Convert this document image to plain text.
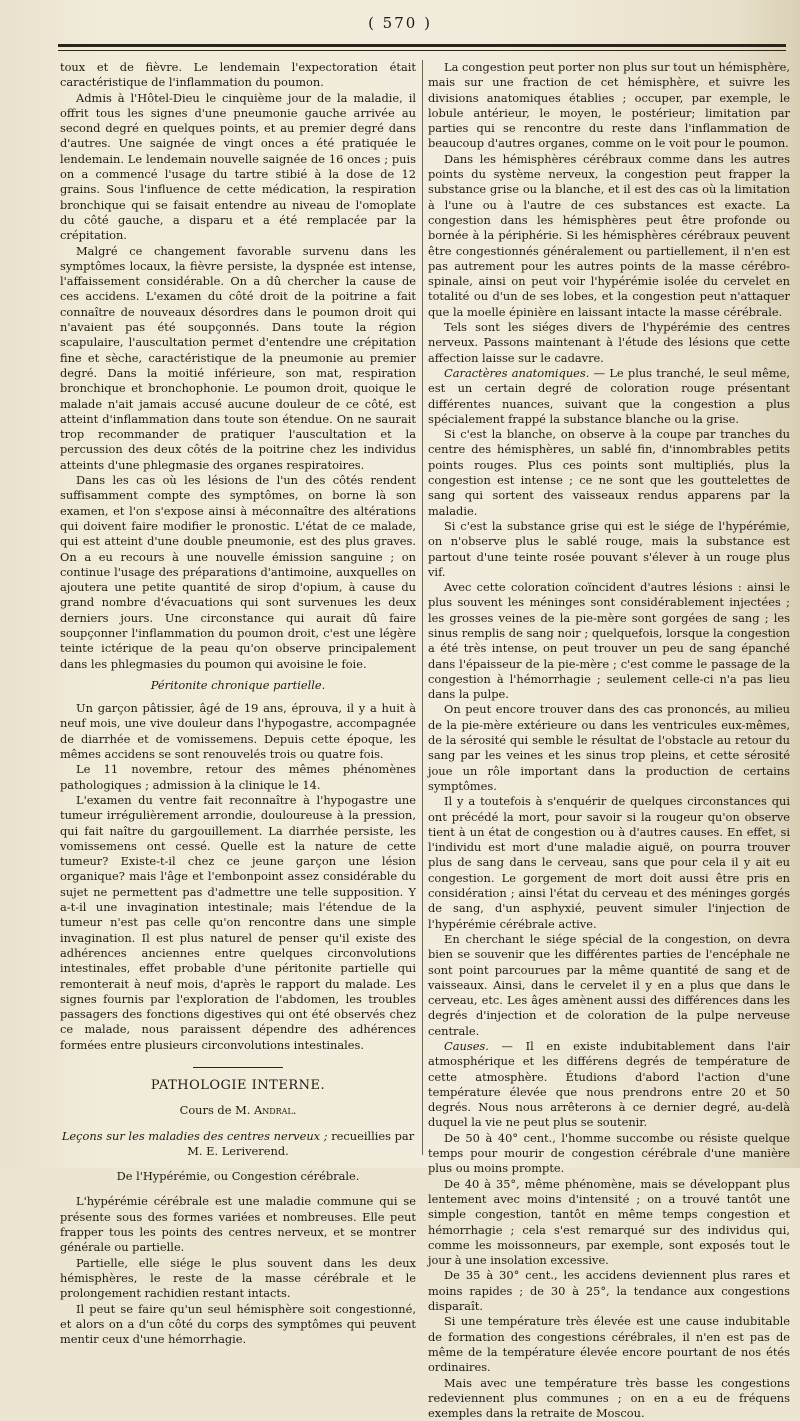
( 570 )

toux et de fièvre. Le lendemain l'expectoration était caractéristique de l'inflammation du poumon.

Admis à l'Hôtel-Dieu le cinquième jour de la maladie, il offrit tous les signes d'une pneumonie gauche arrivée au second degré en quelques points, et au premier degré dans d'autres. Une saignée de vingt onces a été pratiquée le lendemain. Le lendemain nouvelle saignée de 16 onces ; puis on a commencé l'usage du tartre stibié à la dose de 12 grains. Sous l'influence de cette médication, la respiration bronchique qui se faisait entendre au niveau de l'omoplate du côté gauche, a disparu et a été remplacée par la crépitation.

Malgré ce changement favorable survenu dans les symptômes locaux, la fièvre persiste, la dyspnée est intense, l'affaissement considérable. On a dû chercher la cause de ces accidens. L'examen du côté droit de la poitrine a fait connaître de nouveaux désordres dans le poumon droit qui n'avaient pas été soupçonnés. Dans toute la région scapulaire, l'auscultation permet d'entendre une crépitation fine et sèche, caractéristique de la pneumonie au premier degré. Dans la moitié inférieure, son mat, respiration bronchique et bronchophonie. Le poumon droit, quoique le malade n'ait jamais accusé aucune douleur de ce côté, est atteint d'inflammation dans toute son étendue. On ne saurait trop recommander de pratiquer l'auscultation et la percussion des deux côtés de la poitrine chez les individus atteints d'une phlegmasie des organes respiratoires.

Dans les cas où les lésions de l'un des côtés rendent suffisamment compte des symptômes, on borne là son examen, et l'on s'expose ainsi à méconnaître des altérations qui doivent faire modifier le pronostic. L'état de ce malade, qui est atteint d'une double pneumonie, est des plus graves. On a eu recours à une nouvelle émission sanguine ; on continue l'usage des préparations d'antimoine, auxquelles on ajoutera une petite quantité de sirop d'opium, à cause du grand nombre d'évacuations qui sont survenues les deux derniers jours. Une circonstance qui aurait dû faire soupçonner l'inflammation du poumon droit, c'est une légère teinte ictérique de la peau qu'on observe principalement dans les phlegmasies du poumon qui avoisine le foie.

Péritonite chronique partielle.

Un garçon pâtissier, âgé de 19 ans, éprouva, il y a huit à neuf mois, une vive douleur dans l'hypogastre, accompagnée de diarrhée et de vomissemens. Depuis cette époque, les mêmes accidens se sont renouvelés trois ou quatre fois.

Le 11 novembre, retour des mêmes phénomènes pathologiques ; admission à la clinique le 14.

L'examen du ventre fait reconnaître à l'hypogastre une tumeur irrégulièrement arrondie, douloureuse à la pression, qui fait naître du gargouillement. La diarrhée persiste, les vomissemens ont cessé. Quelle est la nature de cette tumeur? Existe-t-il chez ce jeune garçon une lésion organique? mais l'âge et l'embonpoint assez considérable du sujet ne permettent pas d'admettre une telle supposition. Y a-t-il une invagination intestinale; mais l'étendue de la tumeur n'est pas celle qu'on rencontre dans une simple invagination. Il est plus naturel de penser qu'il existe des adhérences anciennes entre quelques circonvolutions intestinales, effet probable d'une péritonite partielle qui remonterait à neuf mois, d'après le rapport du malade. Les signes fournis par l'exploration de l'abdomen, les troubles passagers des fonctions digestives qui ont été observés chez ce malade, nous paraissent dépendre des adhérences formées entre plusieurs circonvolutions intestinales.

PATHOLOGIE INTERNE.
Cours de M. Andral.
Leçons sur les maladies des centres nerveux ; recueillies par M. E. Leriverend.
De l'Hypérémie, ou Congestion cérébrale.

L'hypérémie cérébrale est une maladie commune qui se présente sous des formes variées et nombreuses. Elle peut frapper tous les points des centres nerveux, et se montrer générale ou partielle.

Partielle, elle siége le plus souvent dans les deux hémisphères, le reste de la masse cérébrale et le prolongement rachidien restant intacts.

Il peut se faire qu'un seul hémisphère soit congestionné, et alors on a d'un côté du corps des symptômes qui peuvent mentir ceux d'une hémorrhagie.

La congestion peut porter non plus sur tout un hémisphère, mais sur une fraction de cet hémisphère, et suivre les divisions anatomiques établies ; occuper, par exemple, le lobule antérieur, le moyen, le postérieur; limitation par parties qui se rencontre du reste dans l'inflammation de beaucoup d'autres organes, comme on le voit pour le poumon.

Dans les hémisphères cérébraux comme dans les autres points du système nerveux, la congestion peut frapper la substance grise ou la blanche, et il est des cas où la limitation à l'une ou à l'autre de ces substances est exacte. La congestion dans les hémisphères peut être profonde ou bornée à la périphérie. Si les hémisphères cérébraux peuvent être congestionnés généralement ou partiellement, il n'en est pas autrement pour les autres points de la masse cérébro-spinale, ainsi on peut voir l'hypérémie isolée du cervelet en totalité ou d'un de ses lobes, et la congestion peut n'attaquer que la moelle épinière en laissant intacte la masse cérébrale.

Tels sont les siéges divers de l'hypérémie des centres nerveux. Passons maintenant à l'étude des lésions que cette affection laisse sur le cadavre.

Caractères anatomiques. — Le plus tranché, le seul même, est un certain degré de coloration rouge présentant différentes nuances, suivant que la congestion a plus spécialement frappé la substance blanche ou la grise.

Si c'est la blanche, on observe à la coupe par tranches du centre des hémisphères, un sablé fin, d'innombrables petits points rouges. Plus ces points sont multipliés, plus la congestion est intense ; ce ne sont que les gouttelettes de sang qui sortent des vaisseaux rendus apparens par la maladie.

Si c'est la substance grise qui est le siége de l'hypérémie, on n'observe plus le sablé rouge, mais la substance est partout d'une teinte rosée pouvant s'élever à un rouge plus vif.

Avec cette coloration coïncident d'autres lésions : ainsi le plus souvent les méninges sont considérablement injectées ; les grosses veines de la pie-mère sont gorgées de sang ; les sinus remplis de sang noir ; quelquefois, lorsque la congestion a été très intense, on peut trouver un peu de sang épanché dans l'épaisseur de la pie-mère ; c'est comme le passage de la congestion à l'hémorrhagie ; seulement celle-ci n'a pas lieu dans la pulpe.

On peut encore trouver dans des cas prononcés, au milieu de la pie-mère extérieure ou dans les ventricules eux-mêmes, de la sérosité qui semble le résultat de l'obstacle au retour du sang par les veines et les sinus trop pleins, et cette sérosité joue un rôle important dans la production de certains symptômes.

Il y a toutefois à s'enquérir de quelques circonstances qui ont précédé la mort, pour savoir si la rougeur qu'on observe tient à un état de congestion ou à d'autres causes. En effet, si l'individu est mort d'une maladie aiguë, on pourra trouver plus de sang dans le cerveau, sans que pour cela il y ait eu congestion. Le gorgement de mort doit aussi être pris en considération ; ainsi l'état du cerveau et des méninges gorgés de sang, d'un asphyxié, peuvent simuler l'injection de l'hypérémie cérébrale active.

En cherchant le siége spécial de la congestion, on devra bien se souvenir que les différentes parties de l'encéphale ne sont point parcourues par la même quantité de sang et de vaisseaux. Ainsi, dans le cervelet il y en a plus que dans le cerveau, etc. Les âges amènent aussi des différences dans les degrés d'injection et de coloration de la pulpe nerveuse centrale.

Causes. — Il en existe indubitablement dans l'air atmosphérique et les différens degrés de température de cette atmosphère. Étudions d'abord l'action d'une température élevée que nous prendrons entre 20 et 50 degrés. Nous nous arrêterons à ce dernier degré, au-delà duquel la vie ne peut plus se soutenir.

De 50 à 40° cent., l'homme succombe ou résiste quelque temps pour mourir de congestion cérébrale d'une manière plus ou moins prompte.

De 40 à 35°, même phénomène, mais se développant plus lentement avec moins d'intensité ; on a trouvé tantôt une simple congestion, tantôt en même temps congestion et hémorrhagie ; cela s'est remarqué sur des individus qui, comme les moissonneurs, par exemple, sont exposés tout le jour à une insolation excessive.

De 35 à 30° cent., les accidens deviennent plus rares et moins rapides ; de 30 à 25°, la tendance aux congestions disparaît.

Si une température très élevée est une cause indubitable de formation des congestions cérébrales, il n'en est pas de même de la température élevée encore pourtant de nos étés ordinaires.

Mais avec une température très basse les congestions redeviennent plus communes ; on en a eu de fréquens exemples dans la retraite de Moscou.
